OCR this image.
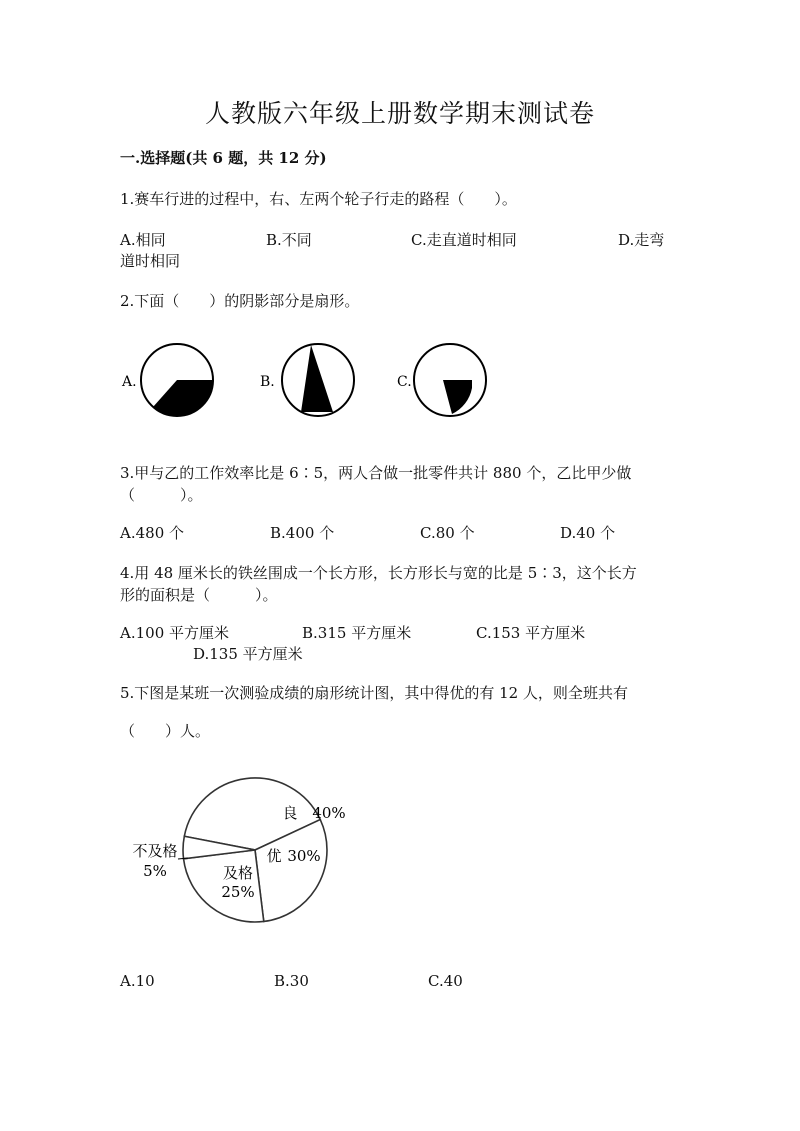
人教版六年级上册数学期末测试卷
一.选择题(共 6 题，共 12 分)
1.赛车行进的过程中，右、左两个轮子行走的路程（　　）。
A.相同	B.不同	C.走直道时相同	D.走弯
道时相同
2.下面（　　）的阴影部分是扇形。
A.	B.	C.
3.甲与乙的工作效率比是 6∶5，两人合做一批零件共计 880 个，乙比甲少做
（　　　）。
A.480 个	B.400 个	C.80 个	D.40 个
4.用 48 厘米长的铁丝围成一个长方形，长方形长与宽的比是 5∶3，这个长方
形的面积是（　　　）。
A.100 平方厘米	B.315 平方厘米	C.153 平方厘米
D.135 平方厘米
5.下图是某班一次测验成绩的扇形统计图，其中得优的有 12 人，则全班共有
（　　）人。
良 40%
优 30%
及格
25%
不及格
5%
A.10	B.30	C.40
